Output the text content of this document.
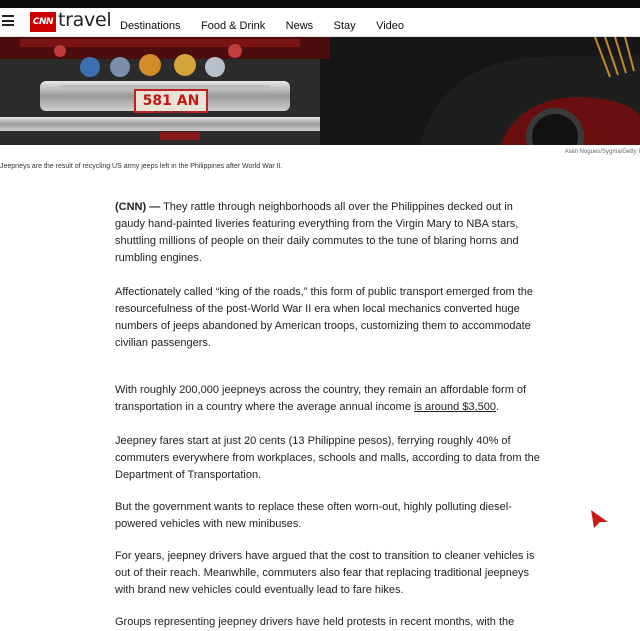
CNN travel Destinations Food & Drink News Stay Video
581 AN
PUJ PILIPINAS
Alain Nogues/Sygma/Getty I
Jeepneys are the result of recycling US army jeeps left in the Philippines after World War II.

(CNN) — They rattle through neighborhoods all over the Philippines decked out in gaudy hand-painted liveries featuring everything from the Virgin Mary to NBA stars, shuttling millions of people on their daily commutes to the tune of blaring horns and rumbling engines.

Affectionately called “king of the roads,” this form of public transport emerged from the resourcefulness of the post-World War II era when local mechanics converted huge numbers of jeeps abandoned by American troops, customizing them to accommodate civilian passengers.

With roughly 200,000 jeepneys across the country, they remain an affordable form of transportation in a country where the average annual income is around $3,500.

Jeepney fares start at just 20 cents (13 Philippine pesos), ferrying roughly 40% of commuters everywhere from workplaces, schools and malls, according to data from the Department of Transportation.

But the government wants to replace these often worn-out, highly polluting diesel-powered vehicles with new minibuses.

For years, jeepney drivers have argued that the cost to transition to cleaner vehicles is out of their reach. Meanwhile, commuters also fear that replacing traditional jeepneys with brand new vehicles could eventually lead to fare hikes.

Groups representing jeepney drivers have held protests in recent months, with the
